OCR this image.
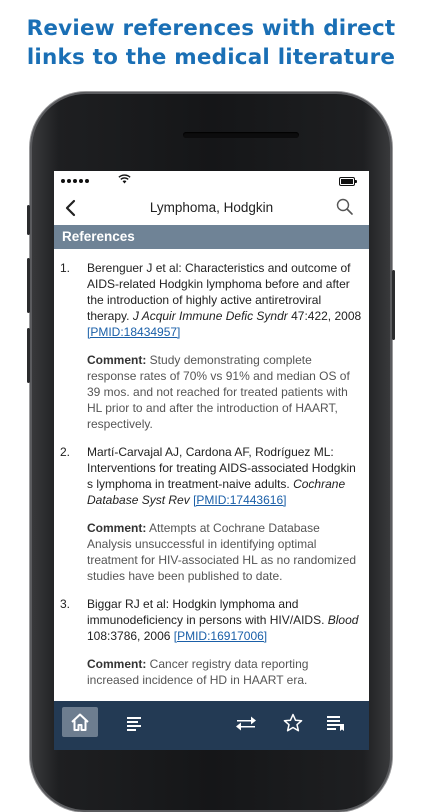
Review references with direct
links to the medical literature
Lymphoma, Hodgkin
References
1. Berenguer J et al: Characteristics and outcome of AIDS-related Hodgkin lymphoma before and after the introduction of highly active antiretroviral therapy. J Acquir Immune Defic Syndr 47:422, 2008 [PMID:18434957]
Comment: Study demonstrating complete response rates of 70% vs 91% and median OS of 39 mos. and not reached for treated patients with HL prior to and after the introduction of HAART, respectively.
2. Martí-Carvajal AJ, Cardona AF, Rodríguez ML: Interventions for treating AIDS-associated Hodgkin s lymphoma in treatment-naive adults. Cochrane Database Syst Rev [PMID:17443616]
Comment: Attempts at Cochrane Database Analysis unsuccessful in identifying optimal treatment for HIV-associated HL as no randomized studies have been published to date.
3. Biggar RJ et al: Hodgkin lymphoma and immunodeficiency in persons with HIV/AIDS. Blood 108:3786, 2006 [PMID:16917006]
Comment: Cancer registry data reporting increased incidence of HD in HAART era.
